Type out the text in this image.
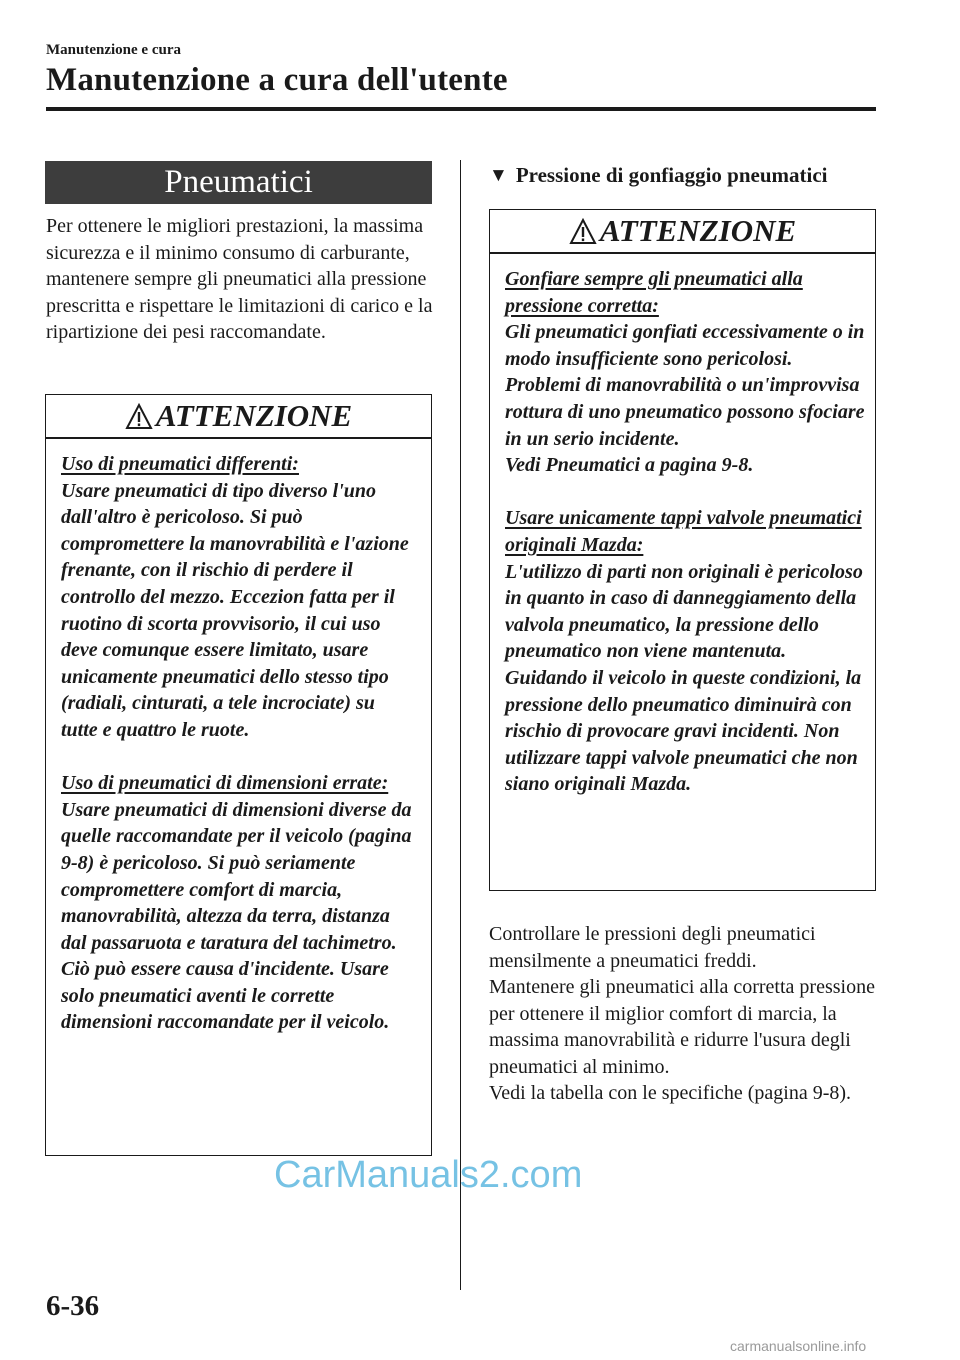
Manutenzione e cura
Manutenzione a cura dell'utente
Pneumatici
Per ottenere le migliori prestazioni, la massima sicurezza e il minimo consumo di carburante, mantenere sempre gli pneumatici alla pressione prescritta e rispettare le limitazioni di carico e la ripartizione dei pesi raccomandate.
ATTENZIONE

Uso di pneumatici differenti:

Usare pneumatici di tipo diverso l'uno dall'altro è pericoloso. Si può compromettere la manovrabilità e l'azione frenante, con il rischio di perdere il controllo del mezzo. Eccezion fatta per il ruotino di scorta provvisorio, il cui uso deve comunque essere limitato, usare unicamente pneumatici dello stesso tipo (radiali, cinturati, a tele incrociate) su tutte e quattro le ruote.

Uso di pneumatici di dimensioni errate:

Usare pneumatici di dimensioni diverse da quelle raccomandate per il veicolo (pagina 9-8) è pericoloso. Si può seriamente compromettere comfort di marcia, manovrabilità, altezza da terra, distanza dal passaruota e taratura del tachimetro. Ciò può essere causa d'incidente. Usare solo pneumatici aventi le corrette dimensioni raccomandate per il veicolo.

▼ Pressione di gonfiaggio pneumatici
ATTENZIONE

Gonfiare sempre gli pneumatici alla pressione corretta:

Gli pneumatici gonfiati eccessivamente o in modo insufficiente sono pericolosi. Problemi di manovrabilità o un'improvvisa rottura di uno pneumatico possono sfociare in un serio incidente.

Vedi Pneumatici a pagina 9-8.

Usare unicamente tappi valvole pneumatici originali Mazda:

L'utilizzo di parti non originali è pericoloso in quanto in caso di danneggiamento della valvola pneumatico, la pressione dello pneumatico non viene mantenuta. Guidando il veicolo in queste condizioni, la pressione dello pneumatico diminuirà con rischio di provocare gravi incidenti. Non utilizzare tappi valvole pneumatici che non siano originali Mazda.

Controllare le pressioni degli pneumatici mensilmente a pneumatici freddi.
Mantenere gli pneumatici alla corretta pressione per ottenere il miglior comfort di marcia, la massima manovrabilità e ridurre l'usura degli pneumatici al minimo.
Vedi la tabella con le specifiche (pagina 9-8).
CarManuals2.com
6-36
carmanualsonline.info
